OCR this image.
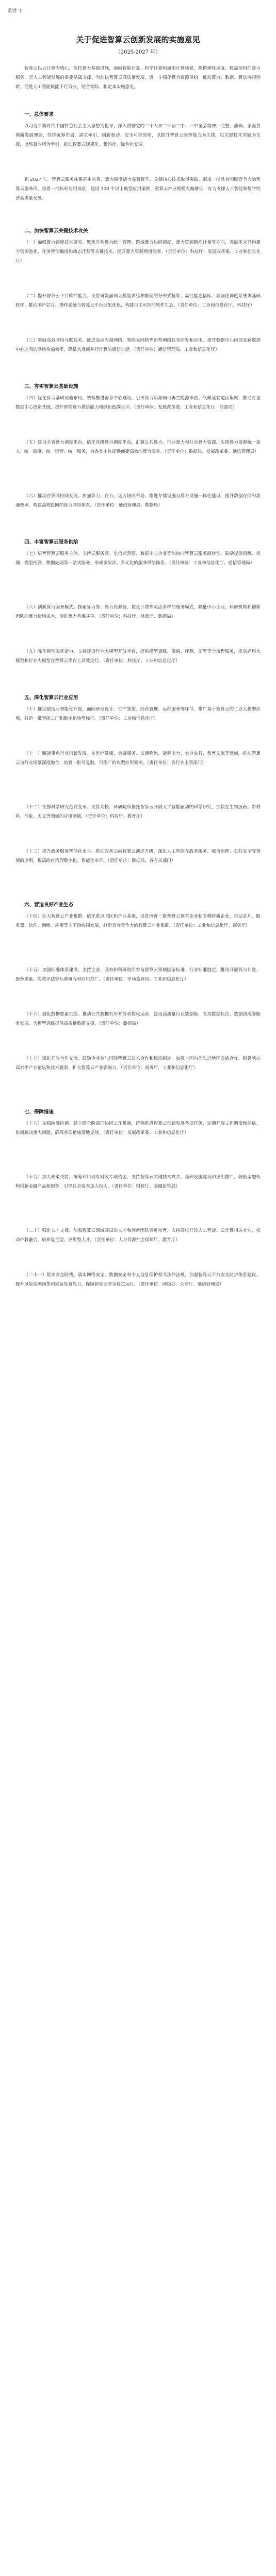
附件 1
关于促进智算云创新发展的实施意见
（2025-2027 年）

智算云以云计算为核心，依托算力基础设施，面向智能计算、科学计算和通用计算场景，提供弹性调度、按需使用的算力服务，是人工智能发展的重要基础支撑。为加快智算云高质量发展，进一步强化算力资源供给，推动算力、数据、算法协同创新，促进人工智能赋能千行百业，结合实际，制定本实施意见。

一、总体要求

以习近平新时代中国特色社会主义思想为指导，深入贯彻党的二十大和二十届二中、三中全会精神，完整、准确、全面贯彻新发展理念，坚持统筹布局、需求牵引、创新驱动、安全可控原则，以提升智算云服务能力为主线，以关键技术突破为支撑，以场景应用为牵引，推动智算云规模化、集约化、绿色化发展。

到 2027 年，智算云服务体系基本完善，算力调度能力显著提升，关键核心技术取得突破，形成一批具有国际竞争力的智算云服务商，培育一批标杆应用场景，建设 300 个以上典型应用案例，智算云产业规模大幅增长，有力支撑人工智能和数字经济高质量发展。

二、加快智算云关键技术攻关

（一）加强算力调度技术研究。聚焦异构算力统一管理、跨域算力协同调度、算力资源精准计量等方向，突破多元异构算力资源池化、任务智能编排和动态迁移等关键技术，提升算力资源利用效率。（责任单位：科技厅、发展改革委、工业和信息化厅）

（二）提升智算云平台软件能力。支持研发面向大模型训练和推理的分布式框架、高性能通信库、容器化调度系统等基础软件，推动国产芯片、操作系统与智算云平台适配优化，构建自主可控的软件生态。（责任单位：工业和信息化厅、科技厅）

（三）突破高效网络互联技术。推进高速无损网络、智能光网络等新型网络技术研发和应用，提升数据中心内部及跨数据中心之间的网络传输效率，降低大规模并行计算的通信时延。（责任单位：通信管理局、工业和信息化厅）

三、夯实智算云基础设施

（四）优化算力基础设施布局。统筹推进智算中心建设，引导算力资源向可再生能源丰富、气候适宜地区集聚，推动存量数据中心改造升级，提升智能算力供给能力和绿色低碳水平。（责任单位：发展改革委、工业和信息化厅、能源局）

（五）建设全省算力调度平台。依托省级算力调度平台，汇聚公共算力、行业算力和社会算力资源，实现算力资源统一接入、统一调度、统一运营、统一服务，为各类主体提供便捷高效的算力服务。（责任单位：数据局、发展改革委、通信管理局）

（六）推动存算网协同发展。加强算力、存力、运力协同布局，推进存储设施与算力设施一体化建设，提升数据存储和流通效率，构建高效协同的算力网络体系。（责任单位：通信管理局、数据局）

四、丰富智算云服务供给

（七）培育智算云服务主体。支持云服务商、电信运营商、数据中心企业等加快向智算云服务商转型，鼓励提供训练、推理、模型托管、数据处理等一站式服务，形成多层次、多元化的服务供给体系。（责任单位：工业和信息化厅、通信管理局）

（八）创新算力服务模式。探索算力券、算力资源包、按量计费等灵活多样的服务模式，降低中小企业、科研机构和创新团队的算力使用成本，促进算力普惠共享。（责任单位：科技厅、财政厅、数据局）

（九）强化模型服务能力。支持建设行业大模型开放平台，提供模型训练、微调、评测、部署等全流程服务，推动通用大模型和行业大模型在智算云平台上高效运行。（责任单位：科技厅、工业和信息化厅）

五、深化智算云行业应用

（十）推动制造业智能化升级。面向研发设计、生产制造、经营管理、运维服务等环节，推广基于智算云的工业大模型应用，打造一批智能工厂和数字化转型标杆。（责任单位：工业和信息化厅）

（十一）赋能重点行业创新发展。在医疗健康、金融服务、交通物流、能源电力、农业农村、教育文旅等领域，推动智算云与行业场景深度融合，培育一批可复制、可推广的典型应用案例。（责任单位：各行业主管部门）

（十二）支撑科学研究范式变革。支持高校、科研院所依托智算云开展人工智能驱动的科学研究，加快在生物医药、新材料、气象、天文等领域的应用突破。（责任单位：科技厅、教育厅）

（十三）提升政务服务智能化水平。推动政务云向智算云演进升级，深化人工智能在政务服务、城市治理、公共安全等领域的应用，提高政府治理数字化、智能化水平。（责任单位：数据局、各有关部门）

六、营造良好产业生态

（十四）壮大智算云产业集群。依托重点园区和产业基地，引进培育一批智算云领军企业和专精特新企业，推动芯片、服务器、软件、网络、应用等上下游协同发展，打造具有竞争力的智算云产业集群。（责任单位：工业和信息化厅、商务厅）

（十五）加强标准体系建设。支持企业、高校和科研院所参与智算云领域国家标准、行业标准制定，推动开展算力计量、服务质量、能效评估等标准研究和应用推广。（责任单位：市场监管局、工业和信息化厅）

（十六）强化数据要素供给。推动公共数据有序开放和授权运营，建设高质量行业数据集，支持数据标注、数据清洗等服务发展，为模型训练提供高质量数据支撑。（责任单位：数据局）

（十七）深化开放合作交流。鼓励企业参与国际智算云技术合作和标准制定，加强与国内外先进地区交流合作，积极承办高水平产业论坛和技术赛事，扩大智算云产业影响力。（责任单位：商务厅、工业和信息化厅）

七、保障措施

（十八）加强统筹协调。建立健全跨部门协同工作机制，统筹推进智算云创新发展各项任务，定期开展工作调度和评估，协调解决重大问题，确保各项措施落地见效。（责任单位：发展改革委、工业和信息化厅）

（十九）加大政策支持。统筹利用现有财政专项资金，支持智算云关键技术攻关、基础设施建设和应用推广，鼓励金融机构创新金融产品和服务，引导社会资本加大投入。（责任单位：财政厅、金融监管局）

（二十）强化人才支撑。加强智算云领域高层次人才和创新团队引进培育，支持高校开设人工智能、云计算相关专业，推动产教融合，培养复合型、应用型人才。（责任单位：人力资源社会保障厅、教育厅）

（二十一）筑牢安全防线。落实网络安全、数据安全和个人信息保护相关法律法规，加强智算云平台安全防护体系建设，提升风险监测预警和应急处置能力，保障智算云安全稳定运行。（责任单位：网信办、公安厅、通信管理局）
